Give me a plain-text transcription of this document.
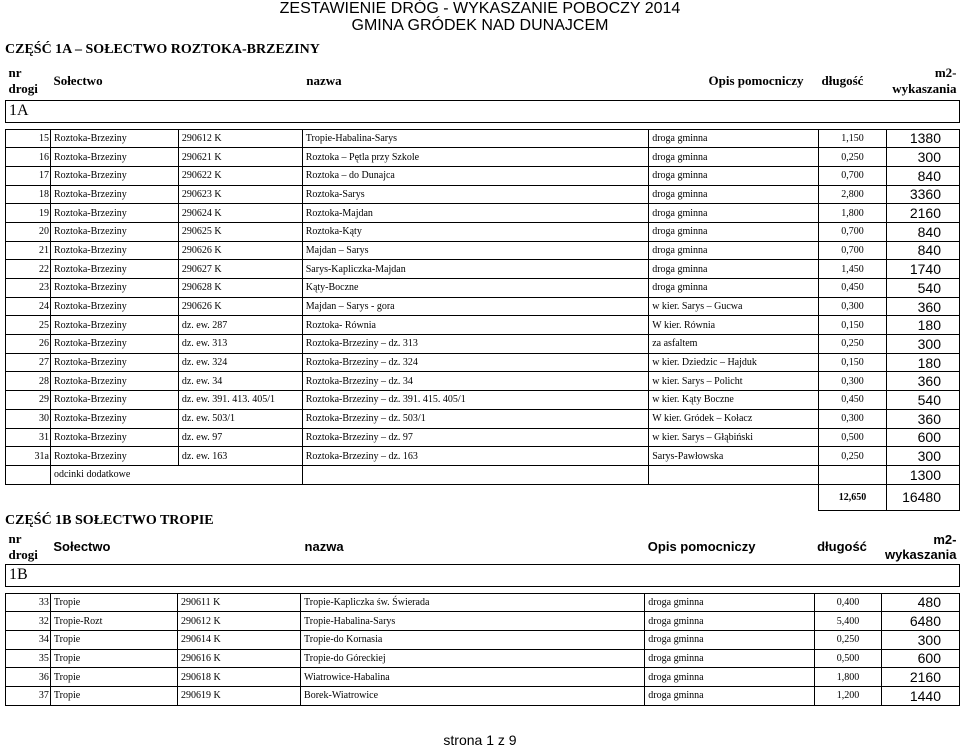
ZESTAWIENIE DRÓG - WYKASZANIE POBOCZY 2014
GMINA GRÓDEK NAD DUNAJCEM
CZĘŚĆ 1A – SOŁECTWO ROZTOKA-BRZEZINY
nr
drogi	Sołectwo		nazwa	Opis pomocniczy	długość	m2-
wykaszania
1A						

15	Roztoka-Brzeziny	290612 K	Tropie-Habalina-Sarys	droga gminna	1,150	1380
16	Roztoka-Brzeziny	290621 K	Roztoka – Pętla przy Szkole	droga gminna	0,250	300
17	Roztoka-Brzeziny	290622 K	Roztoka – do Dunajca	droga gminna	0,700	840
18	Roztoka-Brzeziny	290623 K	Roztoka-Sarys	droga gminna	2,800	3360
19	Roztoka-Brzeziny	290624 K	Roztoka-Majdan	droga gminna	1,800	2160
20	Roztoka-Brzeziny	290625 K	Roztoka-Kąty	droga gminna	0,700	840
21	Roztoka-Brzeziny	290626 K	Majdan – Sarys	droga gminna	0,700	840
22	Roztoka-Brzeziny	290627 K	Sarys-Kapliczka-Majdan	droga gminna	1,450	1740
23	Roztoka-Brzeziny	290628 K	Kąty-Boczne	droga gminna	0,450	540
24	Roztoka-Brzeziny	290626 K	Majdan – Sarys - gora	w kier. Sarys – Gucwa	0,300	360
25	Roztoka-Brzeziny	dz. ew. 287	Roztoka- Równia	W kier. Równia	0,150	180
26	Roztoka-Brzeziny	dz. ew. 313	Roztoka-Brzeziny – dz. 313	za asfaltem	0,250	300
27	Roztoka-Brzeziny	dz. ew. 324	Roztoka-Brzeziny – dz. 324	w kier. Dziedzic – Hajduk	0,150	180
28	Roztoka-Brzeziny	dz. ew. 34	Roztoka-Brzeziny – dz. 34	w kier. Sarys – Policht	0,300	360
29	Roztoka-Brzeziny	dz. ew. 391. 413. 405/1	Roztoka-Brzeziny – dz. 391. 415. 405/1	w kier. Kąty Boczne	0,450	540
30	Roztoka-Brzeziny	dz. ew. 503/1	Roztoka-Brzeziny – dz. 503/1	W kier. Gródek – Kołacz	0,300	360
31	Roztoka-Brzeziny	dz. ew. 97	Roztoka-Brzeziny – dz. 97	w kier. Sarys – Głąbiński	0,500	600
31a	Roztoka-Brzeziny	dz. ew. 163	Roztoka-Brzeziny – dz. 163	Sarys-Pawłowska	0,250	300
	odcinki dodatkowe					1300
					12,650	16480
CZĘŚĆ 1B SOŁECTWO TROPIE
nr
drogi	Sołectwo		nazwa	Opis pomocniczy	długość	m2-
wykaszania
1B						

33	Tropie	290611 K	Tropie-Kapliczka św. Świerada	droga gminna	0,400	480
32	Tropie-Rozt	290612 K	Tropie-Habalina-Sarys	droga gminna	5,400	6480
34	Tropie	290614 K	Tropie-do Kornasia	droga gminna	0,250	300
35	Tropie	290616 K	Tropie-do Góreckiej	droga gminna	0,500	600
36	Tropie	290618 K	Wiatrowice-Habalina	droga gminna	1,800	2160
37	Tropie	290619 K	Borek-Wiatrowice	droga gminna	1,200	1440
strona 1 z 9
